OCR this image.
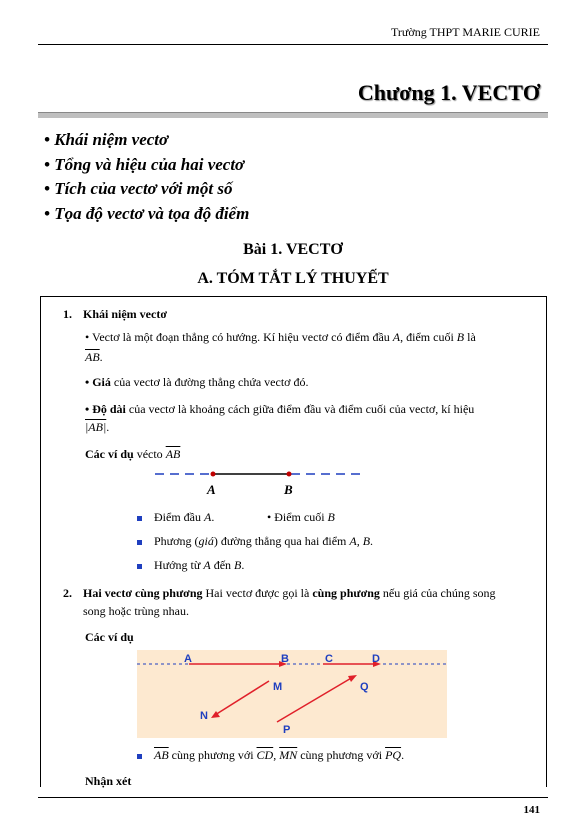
Trường THPT MARIE CURIE
Chương 1. VECTƠ
• Khái niệm vectơ
• Tổng và hiệu của hai vectơ
• Tích của vectơ với một số
• Tọa độ vectơ và tọa độ điểm
Bài 1. VECTƠ
A. TÓM TẮT LÝ THUYẾT
1. Khái niệm vectơ
• Vectơ là một đoạn thẳng có hướng. Kí hiệu vectơ có điểm đầu A, điểm cuối B là
$\overline{AB}$.
• Giá của vectơ là đường thẳng chứa vectơ đó.
• Độ dài của vectơ là khoảng cách giữa điểm đầu và điểm cuối của vectơ, kí hiệu
|AB|.
Các ví dụ vécto $\overline{AB}$
A	B
Điểm đầu A.	• Điểm cuối B
Phương (giá) đường thẳng qua hai điểm A, B.
Hướng từ A đến B.
2. Hai vectơ cùng phương Hai vectơ được gọi là cùng phương nếu giá của chúng song
song hoặc trùng nhau.
Các ví dụ
A	B	C	D
M
N
P
Q
$\overline{AB}$ cùng phương với $\overline{CD}$, $\overline{MN}$ cùng phương với $\overline{PQ}$.
Nhận xét
141
